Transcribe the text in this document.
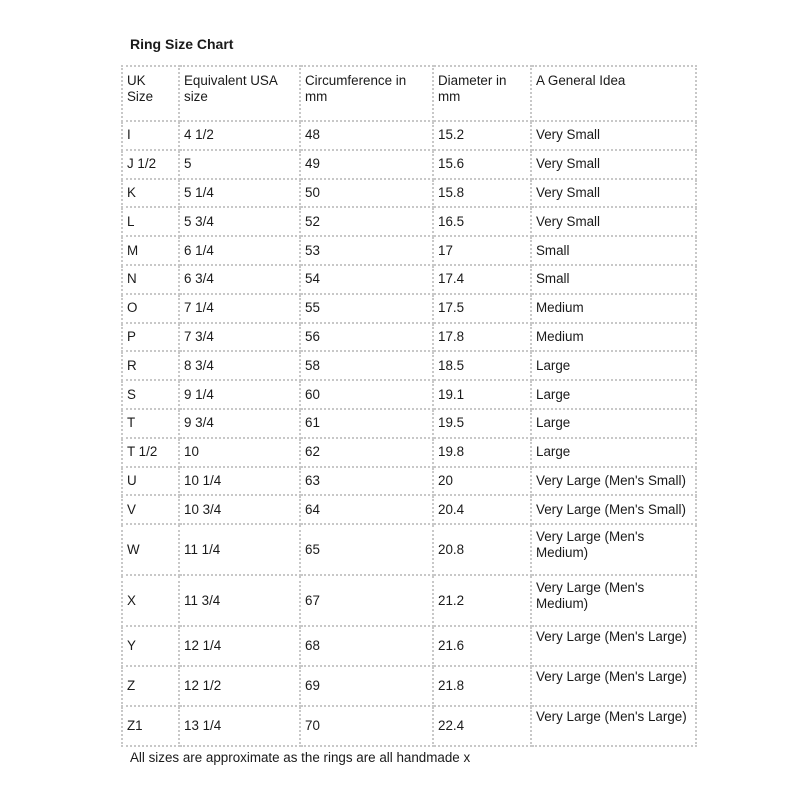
Ring Size Chart
UK Size	Equivalent USA size	Circumference in mm	Diameter in mm	A General Idea
I	4 1/2	48	15.2	Very Small
J 1/2	5	49	15.6	Very Small
K	5 1/4	50	15.8	Very Small
L	5 3/4	52	16.5	Very Small
M	6 1/4	53	17	Small
N	6 3/4	54	17.4	Small
O	7 1/4	55	17.5	Medium
P	7 3/4	56	17.8	Medium
R	8 3/4	58	18.5	Large
S	9 1/4	60	19.1	Large
T	9 3/4	61	19.5	Large
T 1/2	10	62	19.8	Large
U	10 1/4	63	20	Very Large (Men's Small)
V	10 3/4	64	20.4	Very Large (Men's Small)
W	11 1/4	65	20.8	Very Large (Men's Medium)
X	11 3/4	67	21.2	Very Large (Men's Medium)
Y	12 1/4	68	21.6	Very Large (Men's Large)
Z	12 1/2	69	21.8	Very Large (Men's Large)
Z1	13 1/4	70	22.4	Very Large (Men's Large)

All sizes are approximate as the rings are all handmade x
